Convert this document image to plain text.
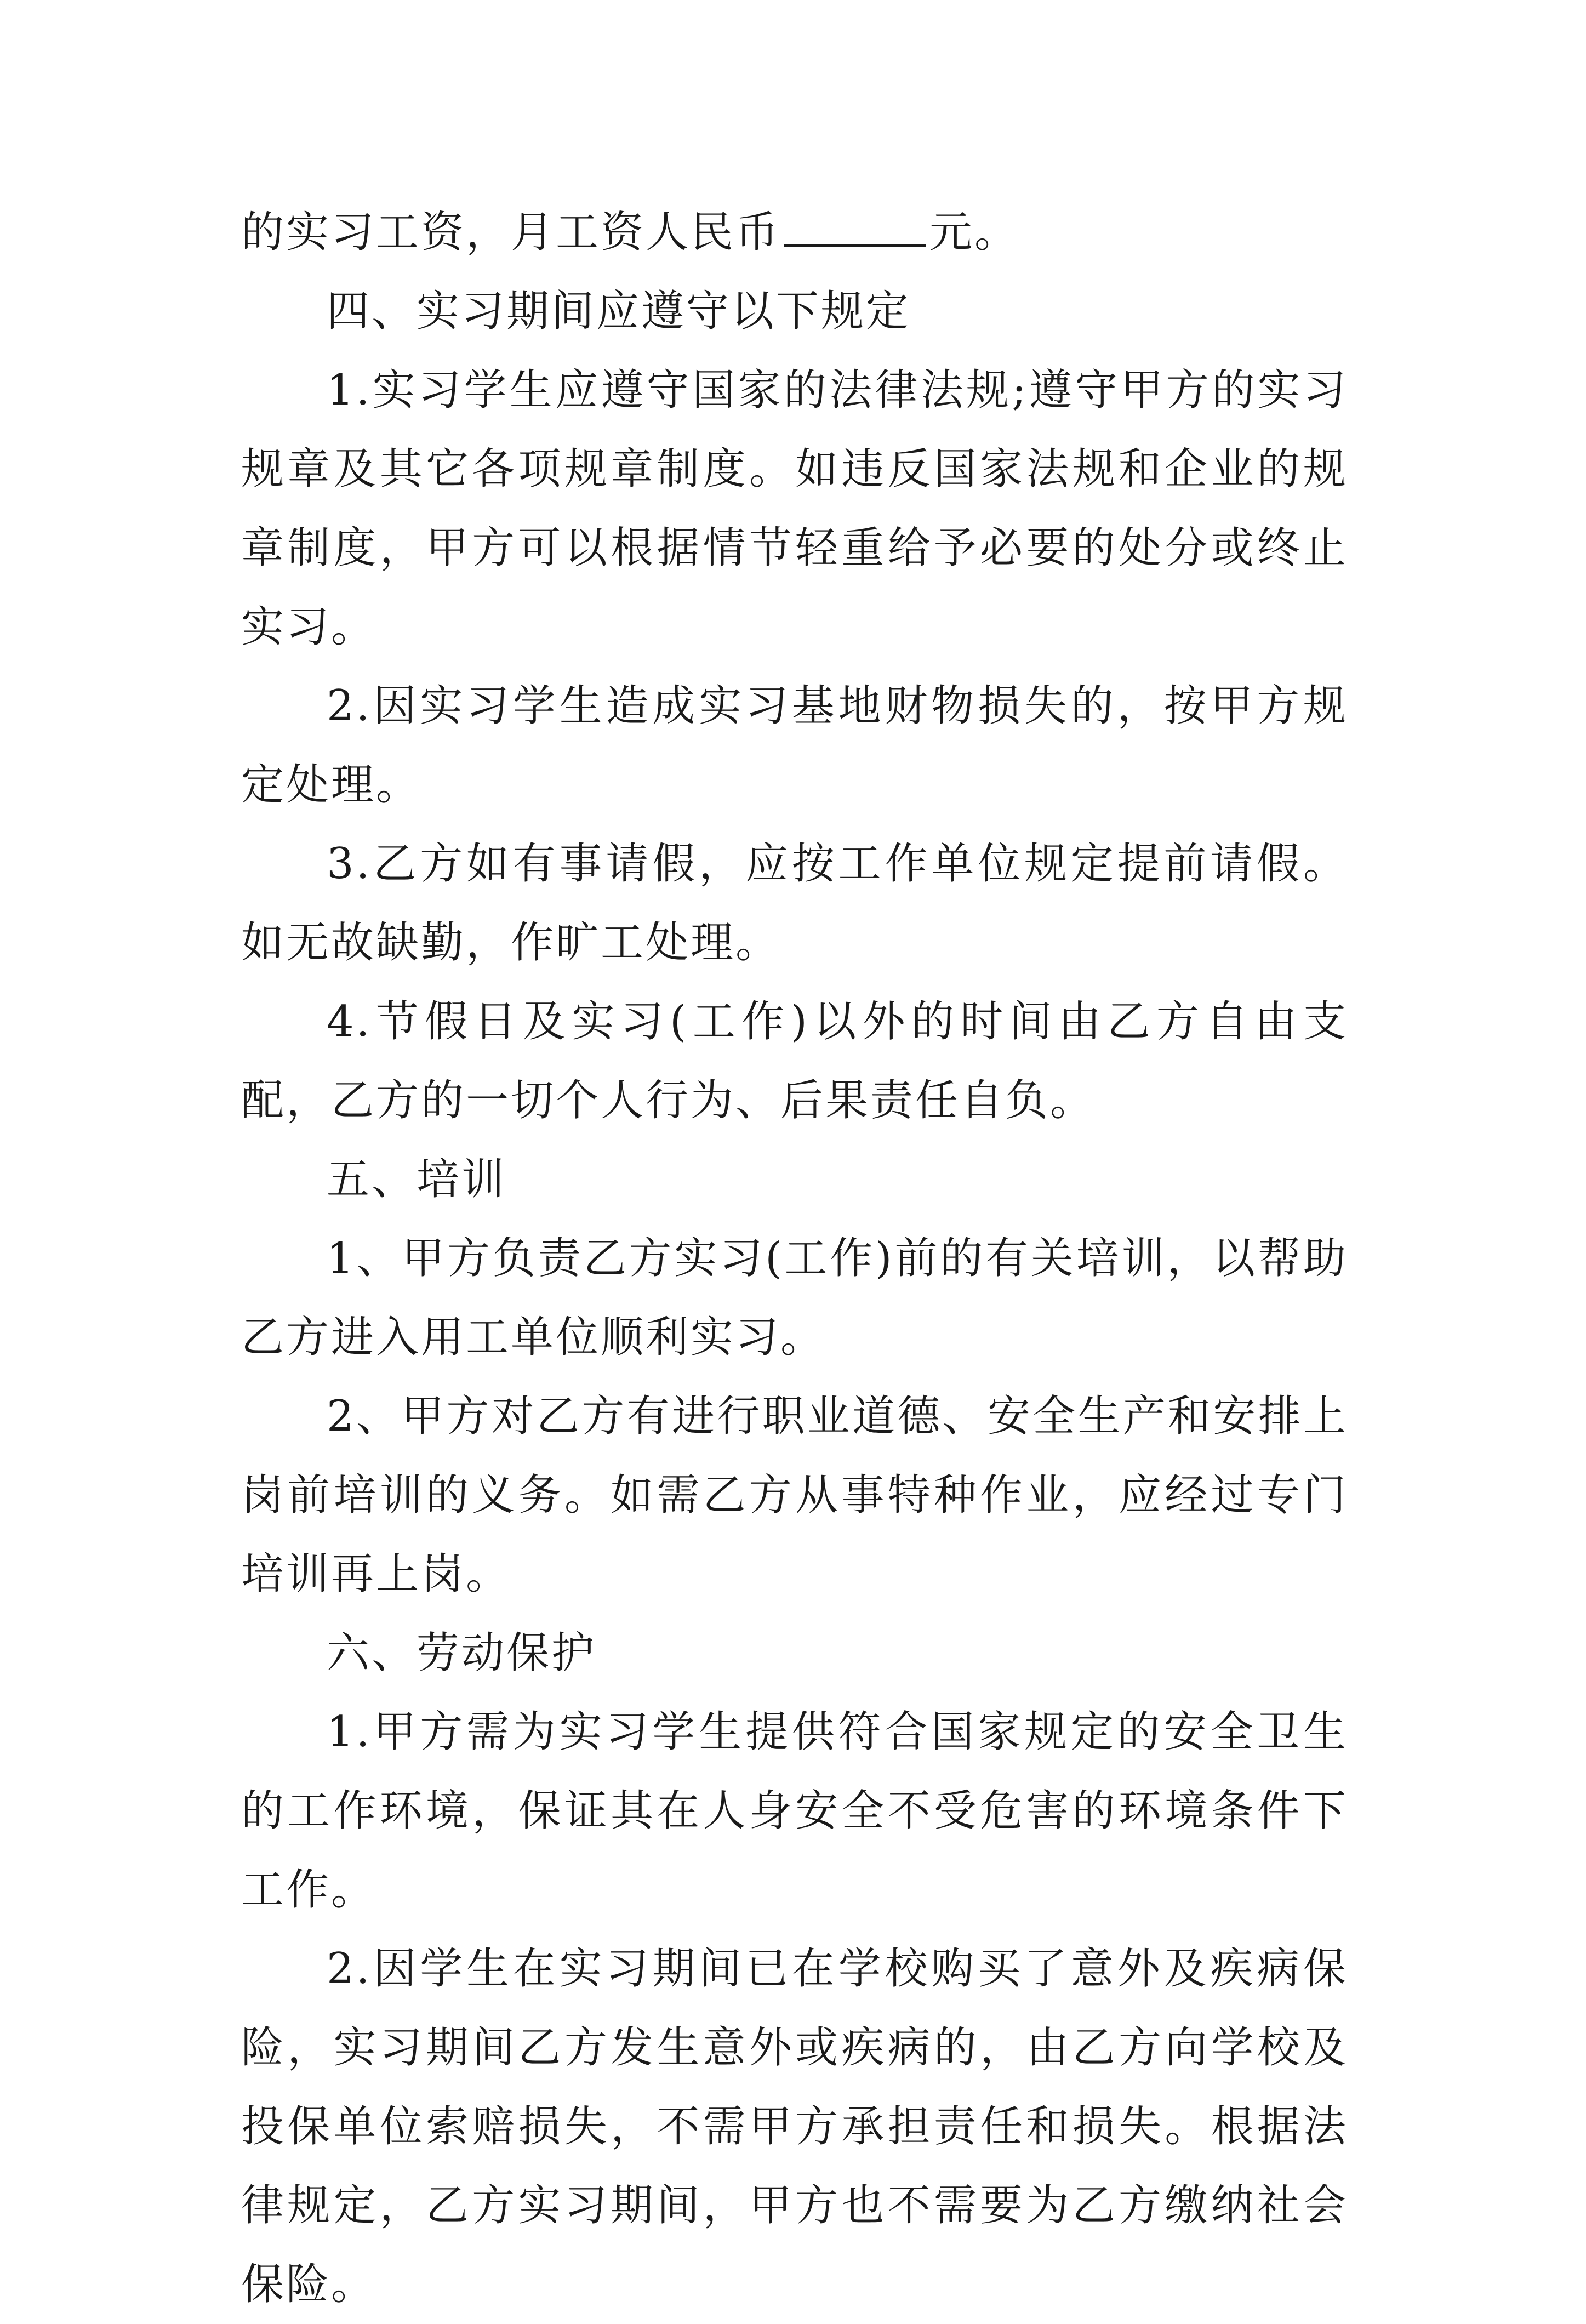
的实习工资，月工资人民币	元。

四、实习期间应遵守以下规定

1.实习学生应遵守国家的法律法规;遵守甲方的实习规章及其它各项规章制度。如违反国家法规和企业的规章制度，甲方可以根据情节轻重给予必要的处分或终止实习。

2.因实习学生造成实习基地财物损失的，按甲方规定处理。

3.乙方如有事请假，应按工作单位规定提前请假。如无故缺勤，作旷工处理。

4.节假日及实习(工作)以外的时间由乙方自由支配，乙方的一切个人行为、后果责任自负。

五、培训

1、甲方负责乙方实习(工作)前的有关培训，以帮助乙方进入用工单位顺利实习。

2、甲方对乙方有进行职业道德、安全生产和安排上岗前培训的义务。如需乙方从事特种作业，应经过专门培训再上岗。

六、劳动保护

1.甲方需为实习学生提供符合国家规定的安全卫生的工作环境，保证其在人身安全不受危害的环境条件下工作。

2.因学生在实习期间已在学校购买了意外及疾病保险，实习期间乙方发生意外或疾病的，由乙方向学校及投保单位索赔损失，不需甲方承担责任和损失。根据法律规定，乙方实习期间，甲方也不需要为乙方缴纳社会保险。
